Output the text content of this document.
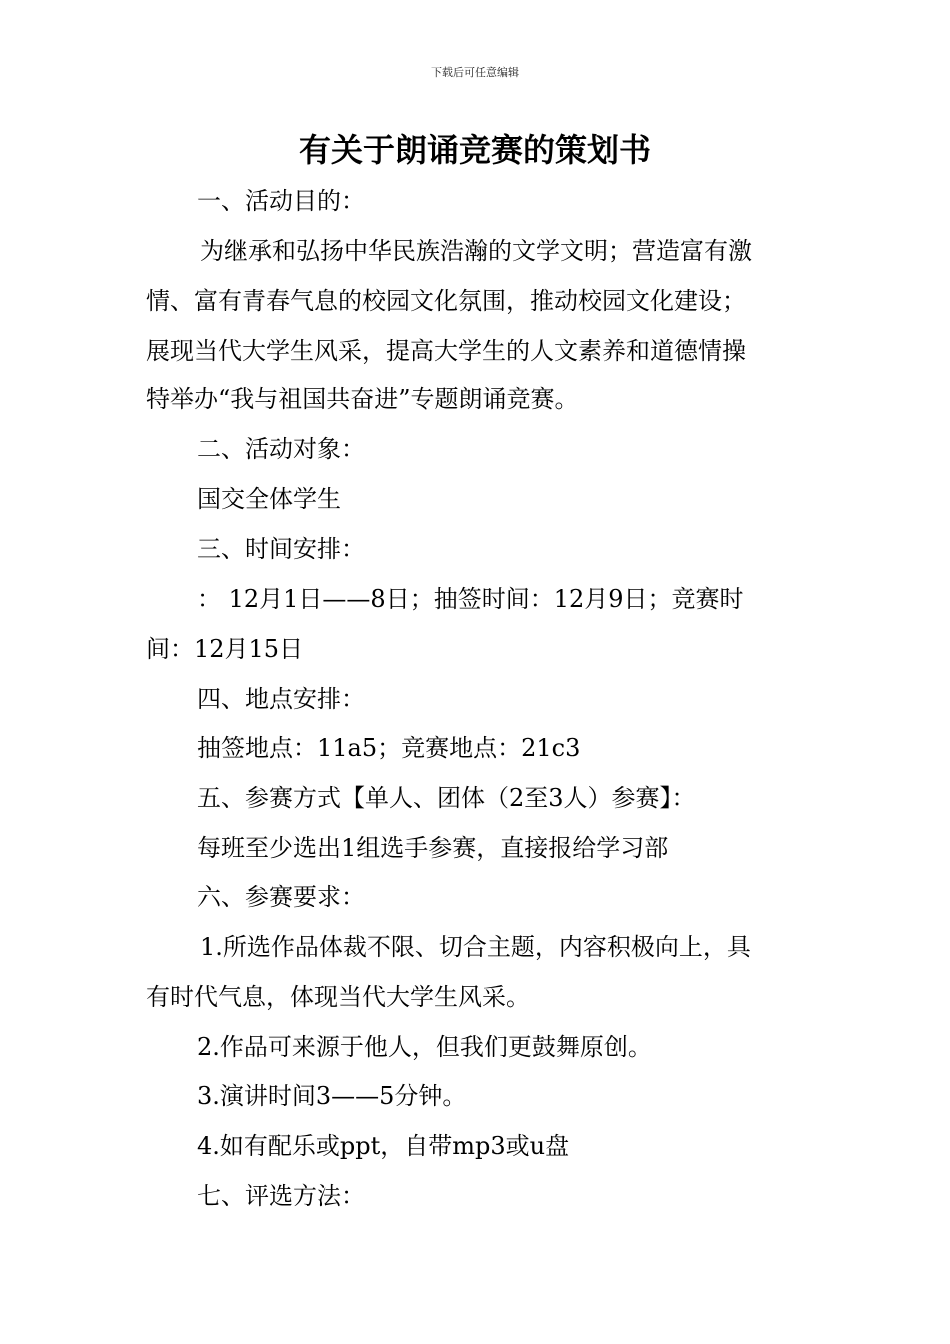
下载后可任意编辑
有关于朗诵竞赛的策划书
一、活动目的：
为继承和弘扬中华民族浩瀚的文学文明；营造富有激
情、富有青春气息的校园文化氛围，推动校园文化建设；
展现当代大学生风采，提高大学生的人文素养和道德情操
特举办“我与祖国共奋进”专题朗诵竞赛。
二、活动对象：
国交全体学生
三、时间安排：
： 12月1日——8日；抽签时间：12月9日；竞赛时
间：12月15日
四、地点安排：
抽签地点：11a5；竞赛地点：21c3
五、参赛方式【单人、团体（2至3人）参赛】：
每班至少选出1组选手参赛，直接报给学习部
六、参赛要求：
1.所选作品体裁不限、切合主题，内容积极向上，具
有时代气息，体现当代大学生风采。
2.作品可来源于他人，但我们更鼓舞原创。
3.演讲时间3——5分钟。
4.如有配乐或ppt，自带mp3或u盘
七、评选方法：
